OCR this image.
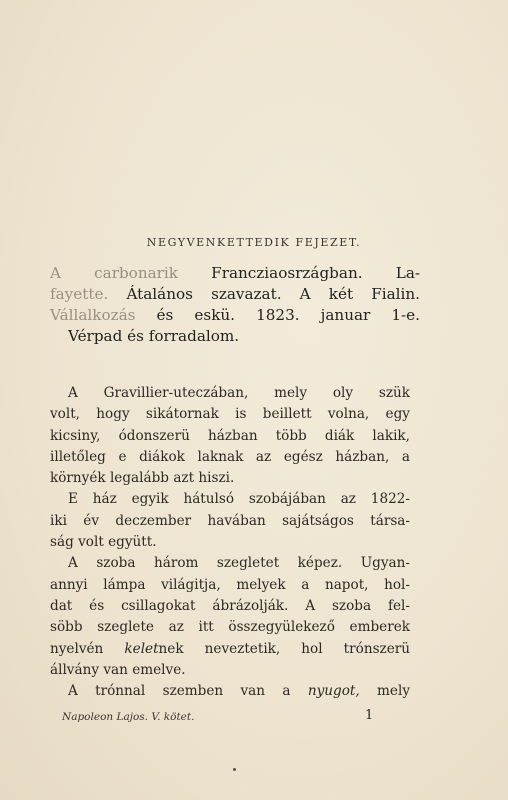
NEGYVENKETTEDIK FEJEZET.
A carbonarik Francziaosrzágban. La-
fayette. Átalános szavazat. A két Fialin.
Vállalkozás és eskü. 1823. januar 1-e.
Vérpad és forradalom.
A Gravillier-uteczában, mely oly szük
volt, hogy sikátornak is beillett volna, egy
kicsiny, ódonszerü házban több diák lakik,
illetőleg e diákok laknak az egész házban, a
környék legalább azt hiszi.
E ház egyik hátulsó szobájában az 1822-
iki év deczember havában sajátságos társa-
ság volt együtt.
A szoba három szegletet képez. Ugyan-
annyi lámpa világitja, melyek a napot, hol-
dat és csillagokat ábrázolják. A szoba fel-
söbb szeglete az itt összegyülekező emberek
nyelvén keletnek neveztetik, hol trónszerü
állvány van emelve.
A trónnal szemben van a nyugot, mely
Napoleon Lajos. V. kötet.	1
